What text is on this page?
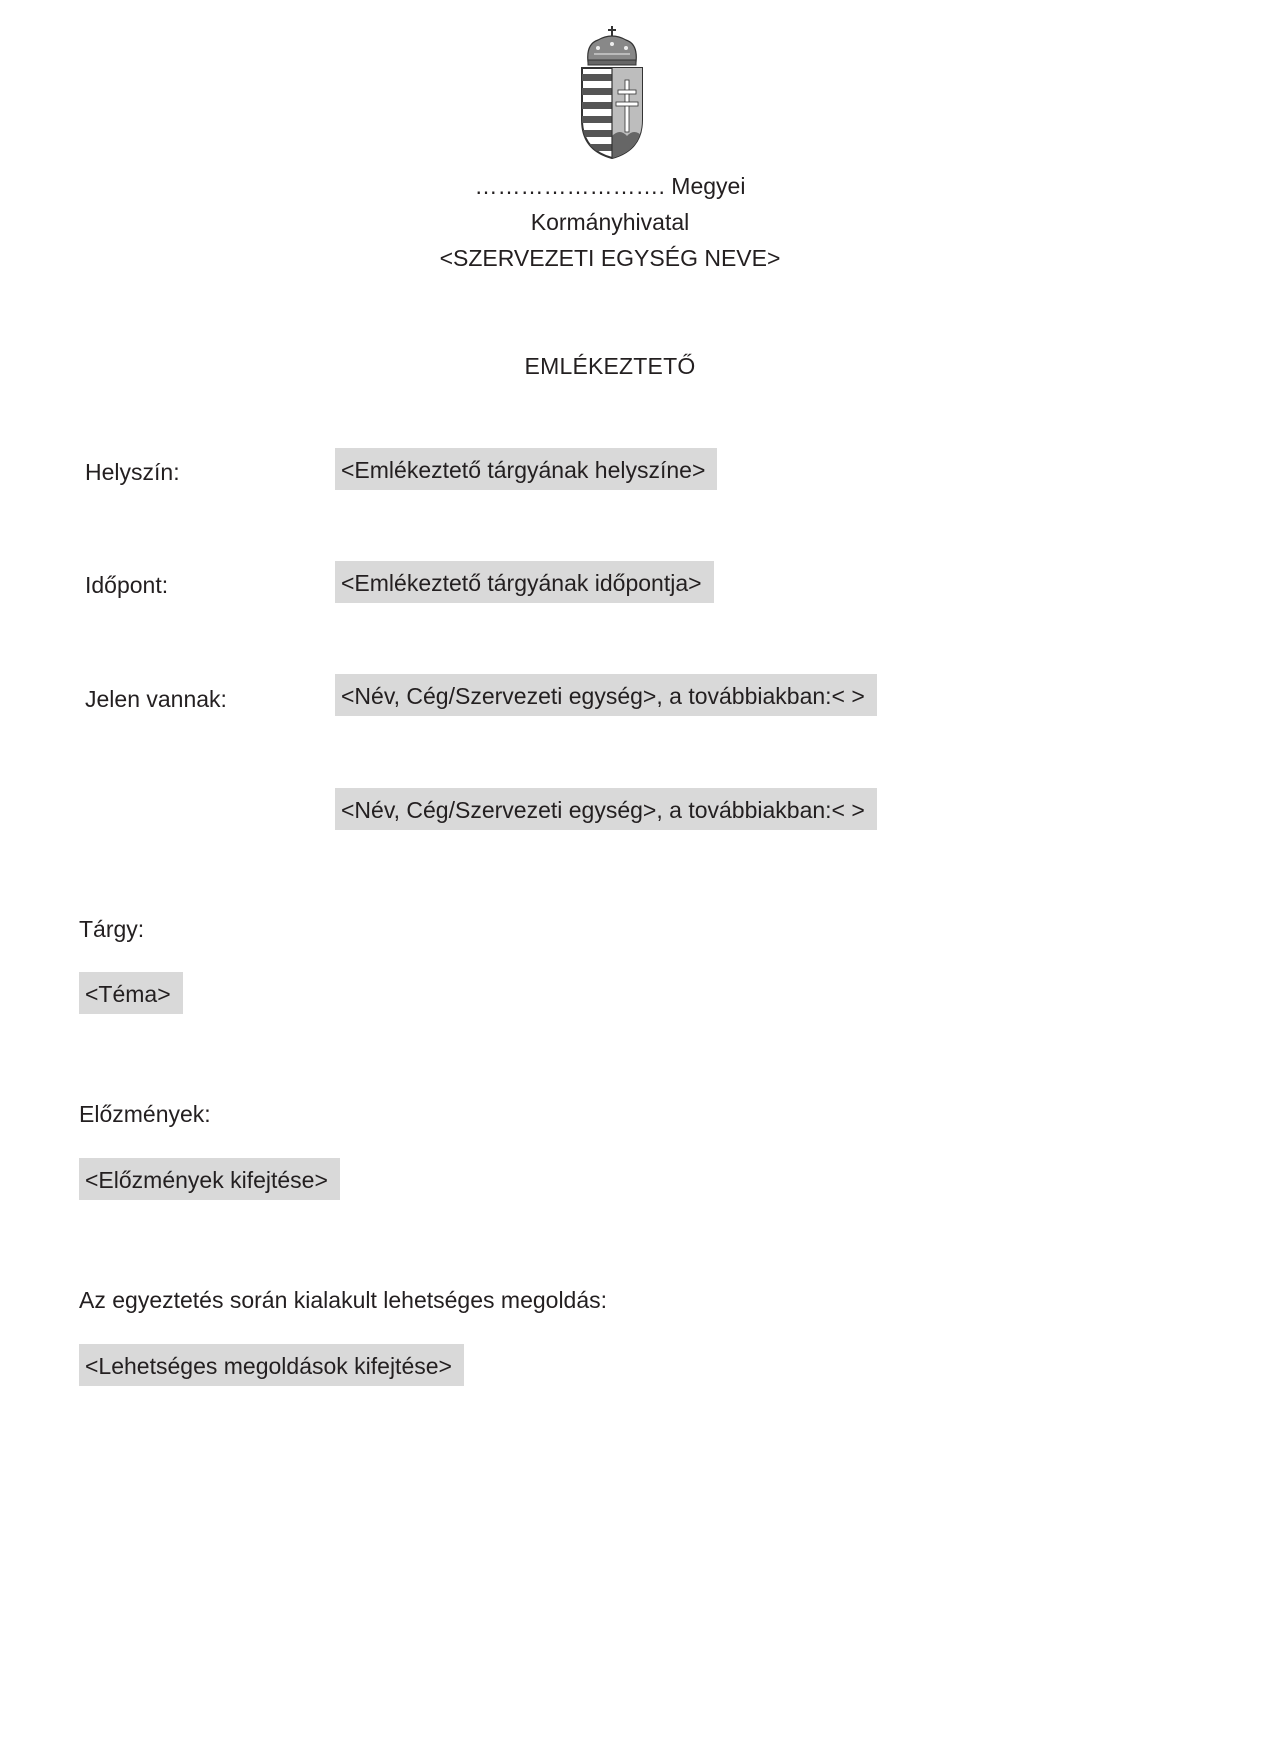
……………………. Megyei
Kormányhivatal
<SZERVEZETI EGYSÉG NEVE>
EMLÉKEZTETŐ
Helyszín:	<Emlékeztető tárgyának helyszíne>
Időpont:	<Emlékeztető tárgyának időpontja>
Jelen vannak:	<Név, Cég/Szervezeti egység>, a továbbiakban:< >
<Név, Cég/Szervezeti egység>, a továbbiakban:< >
Tárgy:
<Téma>
Előzmények:
<Előzmények kifejtése>
Az egyeztetés során kialakult lehetséges megoldás:
<Lehetséges megoldások kifejtése>
